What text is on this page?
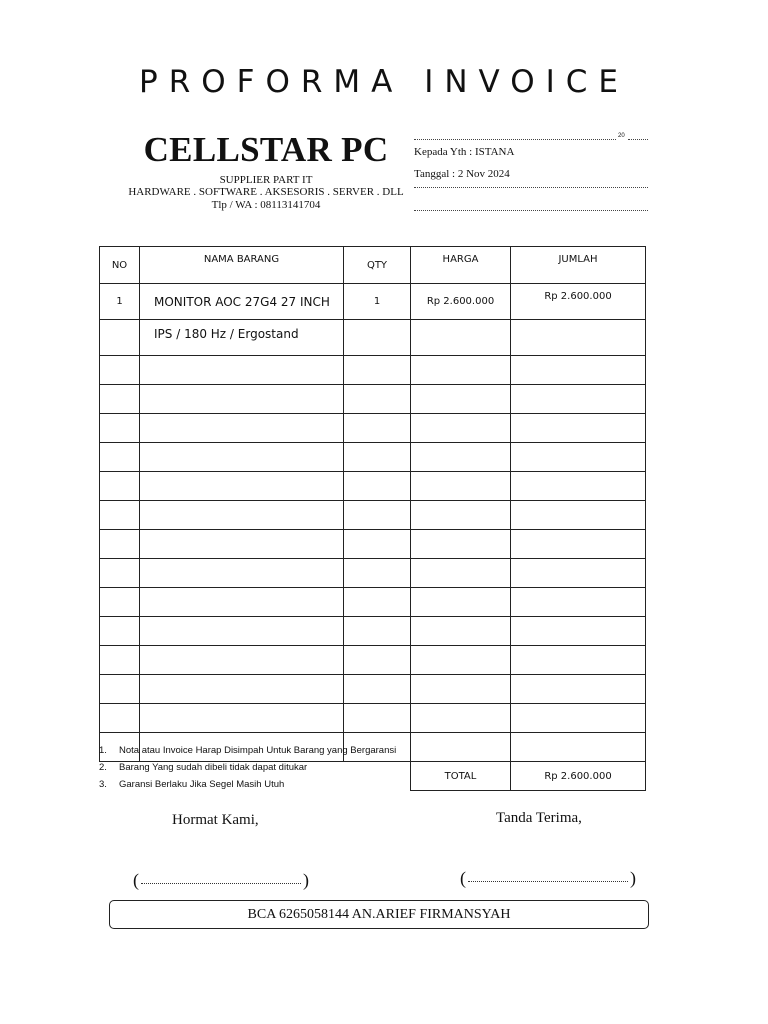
PROFORMA INVOICE
CELLSTAR PC
SUPPLIER PART IT
HARDWARE . SOFTWARE . AKSESORIS . SERVER . DLL
Tlp / WA : 08113141704
20
Kepada Yth : ISTANA
Tanggal : 2 Nov 2024
NO	NAMA BARANG	QTY	HARGA	JUMLAH
1	MONITOR AOC 27G4 27 INCH	1	Rp 2.600.000	Rp 2.600.000
	IPS / 180 Hz / Ergostand			

			TOTAL	Rp 2.600.000
1.	Nota atau Invoice Harap Disimpah Untuk Barang yang Bergaransi
2.	Barang Yang sudah dibeli tidak dapat ditukar
3.	Garansi Berlaku Jika Segel Masih Utuh
Hormat Kami,	Tanda Terima,
(	)	(	)
BCA 6265058144 AN.ARIEF FIRMANSYAH
